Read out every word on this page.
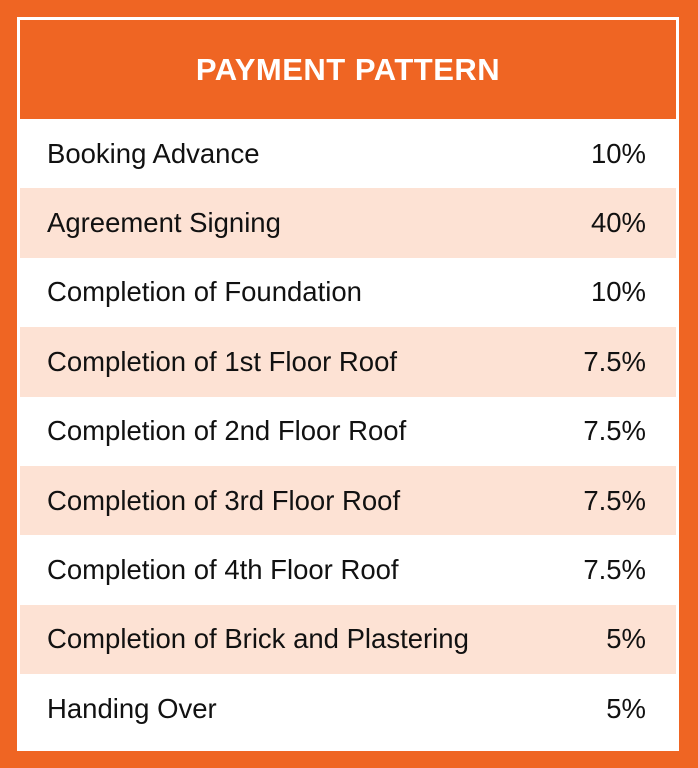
PAYMENT PATTERN
Booking Advance	10%
Agreement Signing	40%
Completion of Foundation	10%
Completion of 1st Floor Roof	7.5%
Completion of 2nd Floor Roof	7.5%
Completion of 3rd Floor Roof	7.5%
Completion of 4th Floor Roof	7.5%
Completion of Brick and Plastering	5%
Handing Over	5%
